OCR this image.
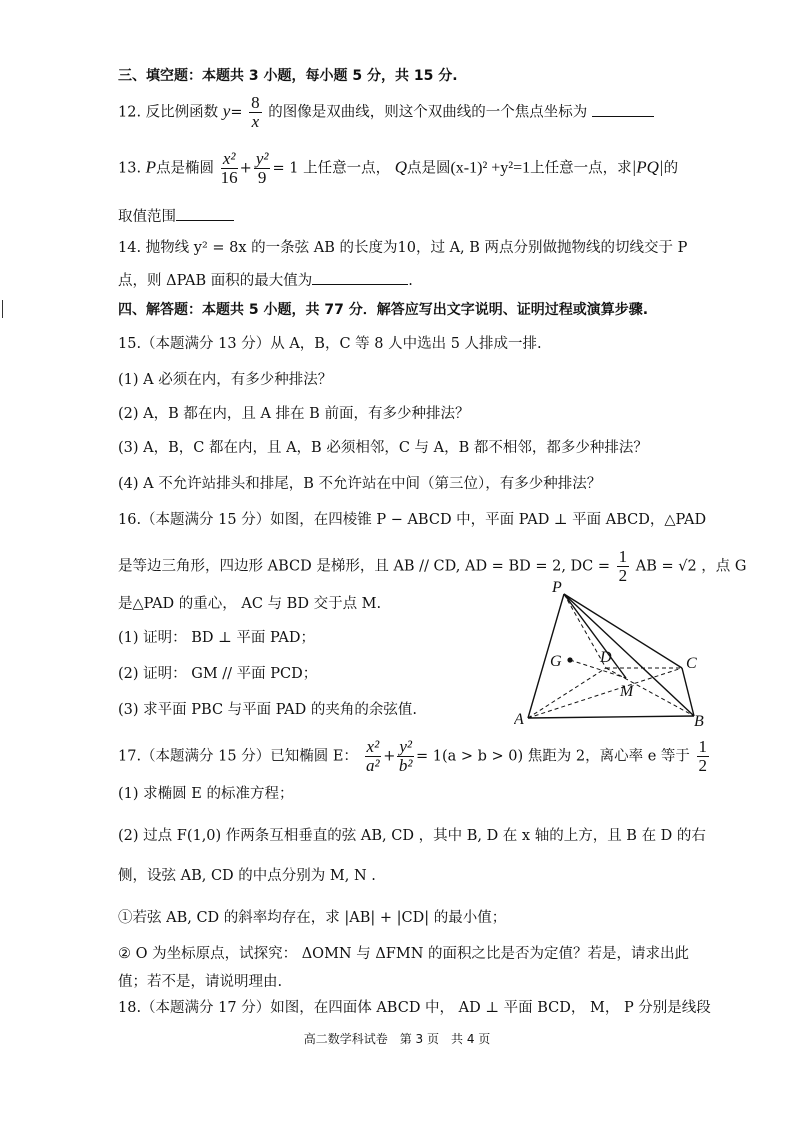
三、填空题：本题共 3 小题，每小题 5 分，共 15 分.
12. 反比例函数 $y= \frac{8}{x}$ 的图像是双曲线，则这个双曲线的一个焦点坐标为
13. P点是椭圆 $\frac{\text{x²}}{16} + \frac{\text{y²}}{9} = 1$ 上任意一点， Q点是圆(x-1)² +y²=1上任意一点，求|PQ|的
取值范围
14. 抛物线 y² = 8x 的一条弦 AB 的长度为10，过 A, B 两点分别做抛物线的切线交于 P
点，则 ΔPAB 面积的最大值为	.
四、解答题：本题共 5 小题，共 77 分．解答应写出文字说明、证明过程或演算步骤.
15.（本题满分 13 分）从 A，B，C 等 8 人中选出 5 人排成一排.
(1) A 必须在内，有多少种排法？
(2) A，B 都在内，且 A 排在 B 前面，有多少种排法？
(3) A，B，C 都在内，且 A，B 必须相邻，C 与 A，B 都不相邻，都多少种排法？
(4) A 不允许站排头和排尾，B 不允许站在中间（第三位），有多少种排法？
16.（本题满分 15 分）如图，在四棱锥 P − ABCD 中，平面 PAD ⊥ 平面 ABCD，△PAD
是等边三角形，四边形 ABCD 是梯形，且 AB // CD, AD = BD = 2, DC = $\frac{1}{2}$ AB = √2 ，点 G
是△PAD 的重心， AC 与 BD 交于点 M.
(1) 证明： BD ⊥ 平面 PAD；
(2) 证明： GM // 平面 PCD；
(3) 求平面 PBC 与平面 PAD 的夹角的余弦值.
P
G D	C
M
A	B
17.（本题满分 15 分）已知椭圆 E： $\frac{\text{x²}}{\text{a²}} + \frac{\text{y²}}{\text{b²}} = 1(a > b > 0)$ 焦距为 2，离心率 e 等于 $\frac{1}{2}$
(1) 求椭圆 E 的标准方程；
(2) 过点 F(1,0) 作两条互相垂直的弦 AB, CD ，其中 B, D 在 x 轴的上方，且 B 在 D 的右
侧，设弦 AB, CD 的中点分别为 M, N .
①若弦 AB, CD 的斜率均存在，求 |AB| + |CD| 的最小值；
② O 为坐标原点，试探究： ΔOMN 与 ΔFMN 的面积之比是否为定值？若是，请求出此
值；若不是，请说明理由.
18.（本题满分 17 分）如图，在四面体 ABCD 中， AD ⊥ 平面 BCD， M， P 分别是线段
高二数学科试卷　第 3 页　共 4 页
